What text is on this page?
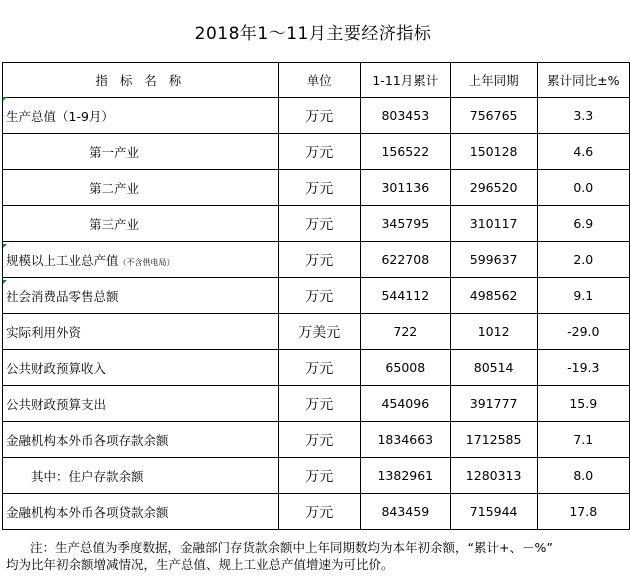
2018年1～11月主要经济指标
指 标 名 称	单位	1-11月累计	上年同期	累计同比±%
生产总值（1-9月）	万元	803453	756765	3.3
第一产业	万元	156522	150128	4.6
第二产业	万元	301136	296520	0.0
第三产业	万元	345795	310117	6.9
规模以上工业总产值（不含供电局）	万元	622708	599637	2.0
社会消费品零售总额	万元	544112	498562	9.1
实际利用外资	万美元	722	1012	-29.0
公共财政预算收入	万元	65008	80514	-19.3
公共财政预算支出	万元	454096	391777	15.9
金融机构本外币各项存款余额	万元	1834663	1712585	7.1
其中：住户存款余额	万元	1382961	1280313	8.0
金融机构本外币各项贷款余额	万元	843459	715944	17.8
注：生产总值为季度数据，金融部门存货款余额中上年同期数均为本年初余额，“累计+、－%”
均为比年初余额增减情况，生产总值、规上工业总产值增速为可比价。
